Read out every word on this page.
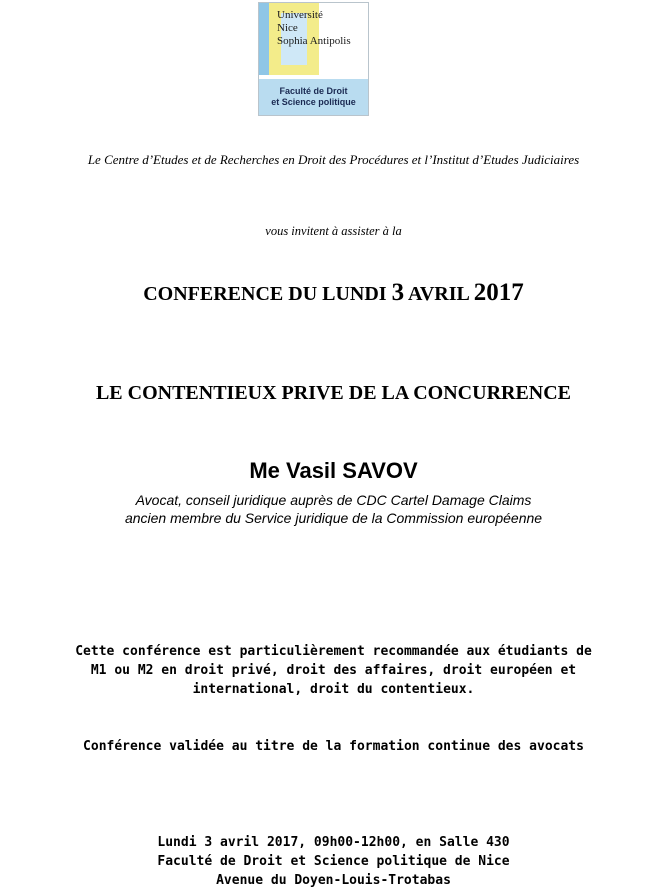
Université
Nice
Sophia Antipolis
Faculté de Droit
et Science politique
Le Centre d’Etudes et de Recherches en Droit des Procédures et l’Institut d’Etudes Judiciaires
vous invitent à assister à la
CONFERENCE DU LUNDI 3 AVRIL 2017
LE CONTENTIEUX PRIVE DE LA CONCURRENCE
Me Vasil SAVOV
Avocat, conseil juridique auprès de CDC Cartel Damage Claims
ancien membre du Service juridique de la Commission européenne
Cette conférence est particulièrement recommandée aux étudiants de
M1 ou M2 en droit privé, droit des affaires, droit européen et
international, droit du contentieux.
Conférence validée au titre de la formation continue des avocats
Lundi 3 avril 2017, 09h00-12h00, en Salle 430
Faculté de Droit et Science politique de Nice
Avenue du Doyen-Louis-Trotabas
